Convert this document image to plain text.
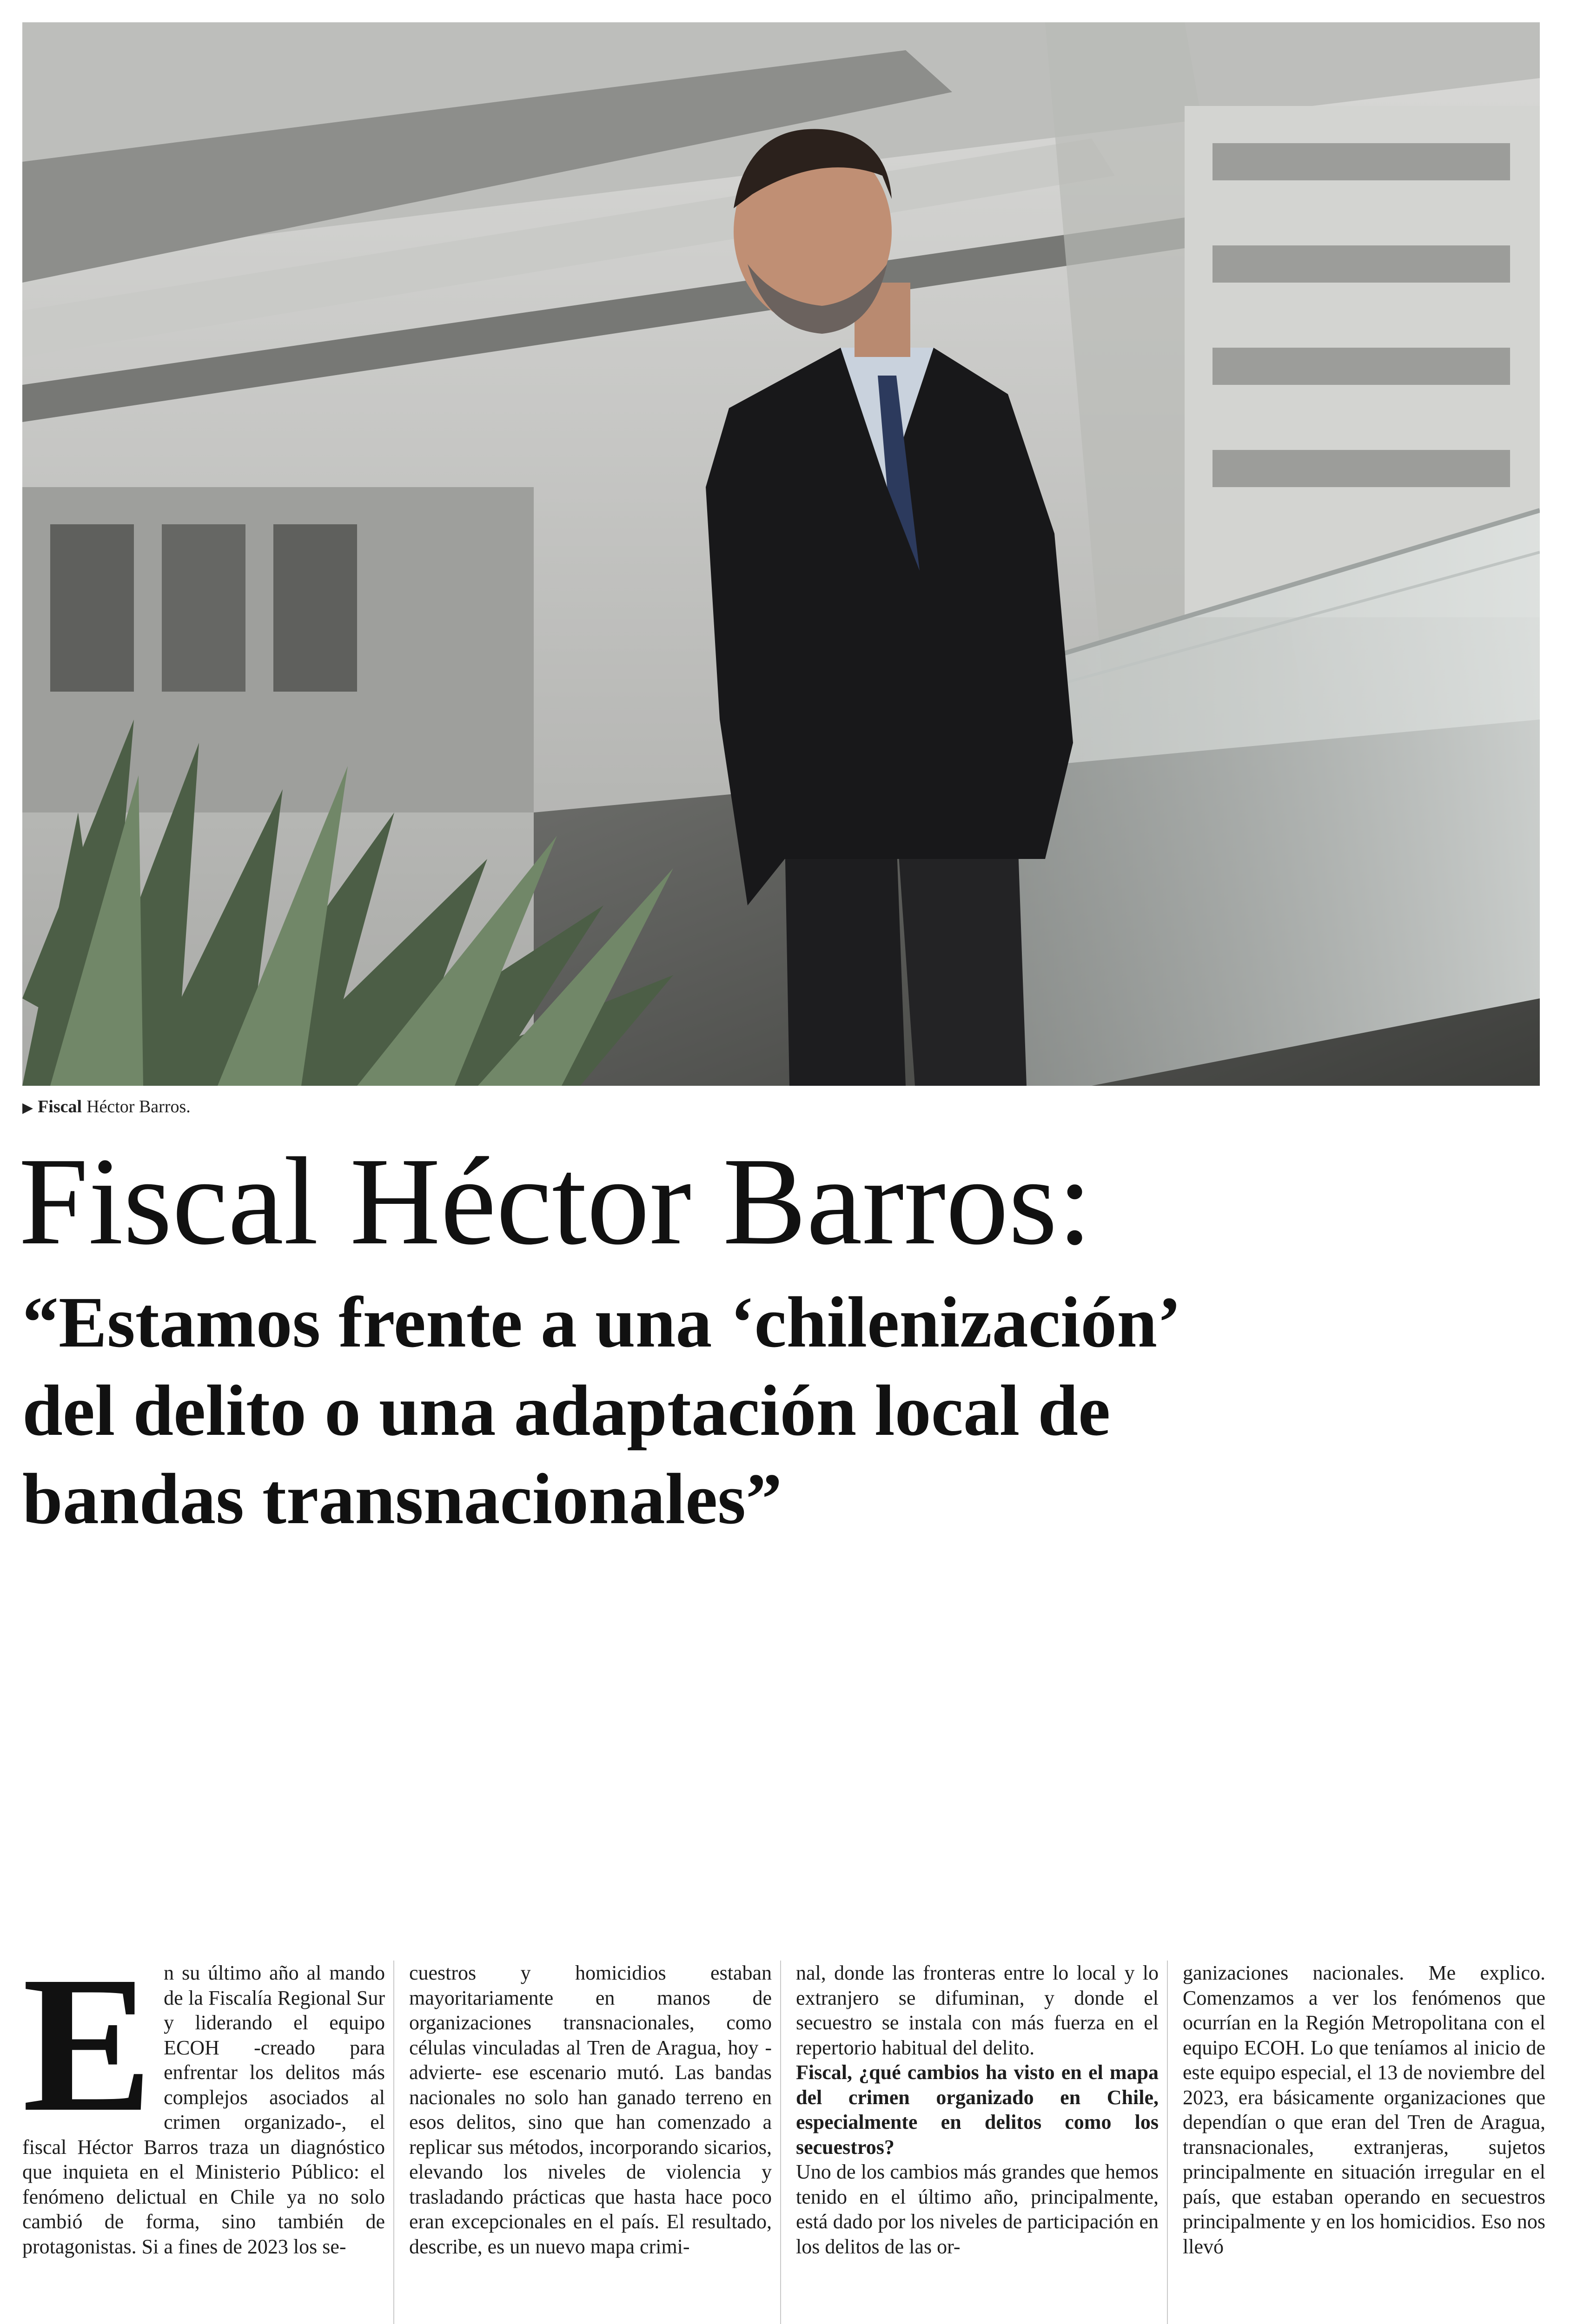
▶ Fiscal Héctor Barros.
Fiscal Héctor Barros:
“Estamos frente a una ‘chilenización’
del delito o una adaptación local de
bandas transnacionales”

En su último año al mando de la Fiscalía Regional Sur y liderando el equipo ECOH -creado para enfrentar los delitos más complejos asociados al crimen organizado-, el fiscal Héctor Barros traza un diagnóstico que inquieta en el Ministerio Público: el fenómeno delictual en Chile ya no solo cambió de forma, sino también de protagonistas. Si a fines de 2023 los se-

cuestros y homicidios estaban mayoritariamente en manos de organizaciones transnacionales, como células vinculadas al Tren de Aragua, hoy -advierte- ese escenario mutó. Las bandas nacionales no solo han ganado terreno en esos delitos, sino que han comenzado a replicar sus métodos, incorporando sicarios, elevando los niveles de violencia y trasladando prácticas que hasta hace poco eran excepcionales en el país. El resultado, describe, es un nuevo mapa crimi-

nal, donde las fronteras entre lo local y lo extranjero se difuminan, y donde el secuestro se instala con más fuerza en el repertorio habitual del delito.

Fiscal, ¿qué cambios ha visto en el mapa del crimen organizado en Chile, especialmente en delitos como los secuestros?

Uno de los cambios más grandes que hemos tenido en el último año, principalmente, está dado por los niveles de participación en los delitos de las or-

ganizaciones nacionales. Me explico. Comenzamos a ver los fenómenos que ocurrían en la Región Metropolitana con el equipo ECOH. Lo que teníamos al inicio de este equipo especial, el 13 de noviembre del 2023, era básicamente organizaciones que dependían o que eran del Tren de Aragua, transnacionales, extranjeras, sujetos principalmente en situación irregular en el país, que estaban operando en secuestros principalmente y en los homicidios. Eso nos llevó
